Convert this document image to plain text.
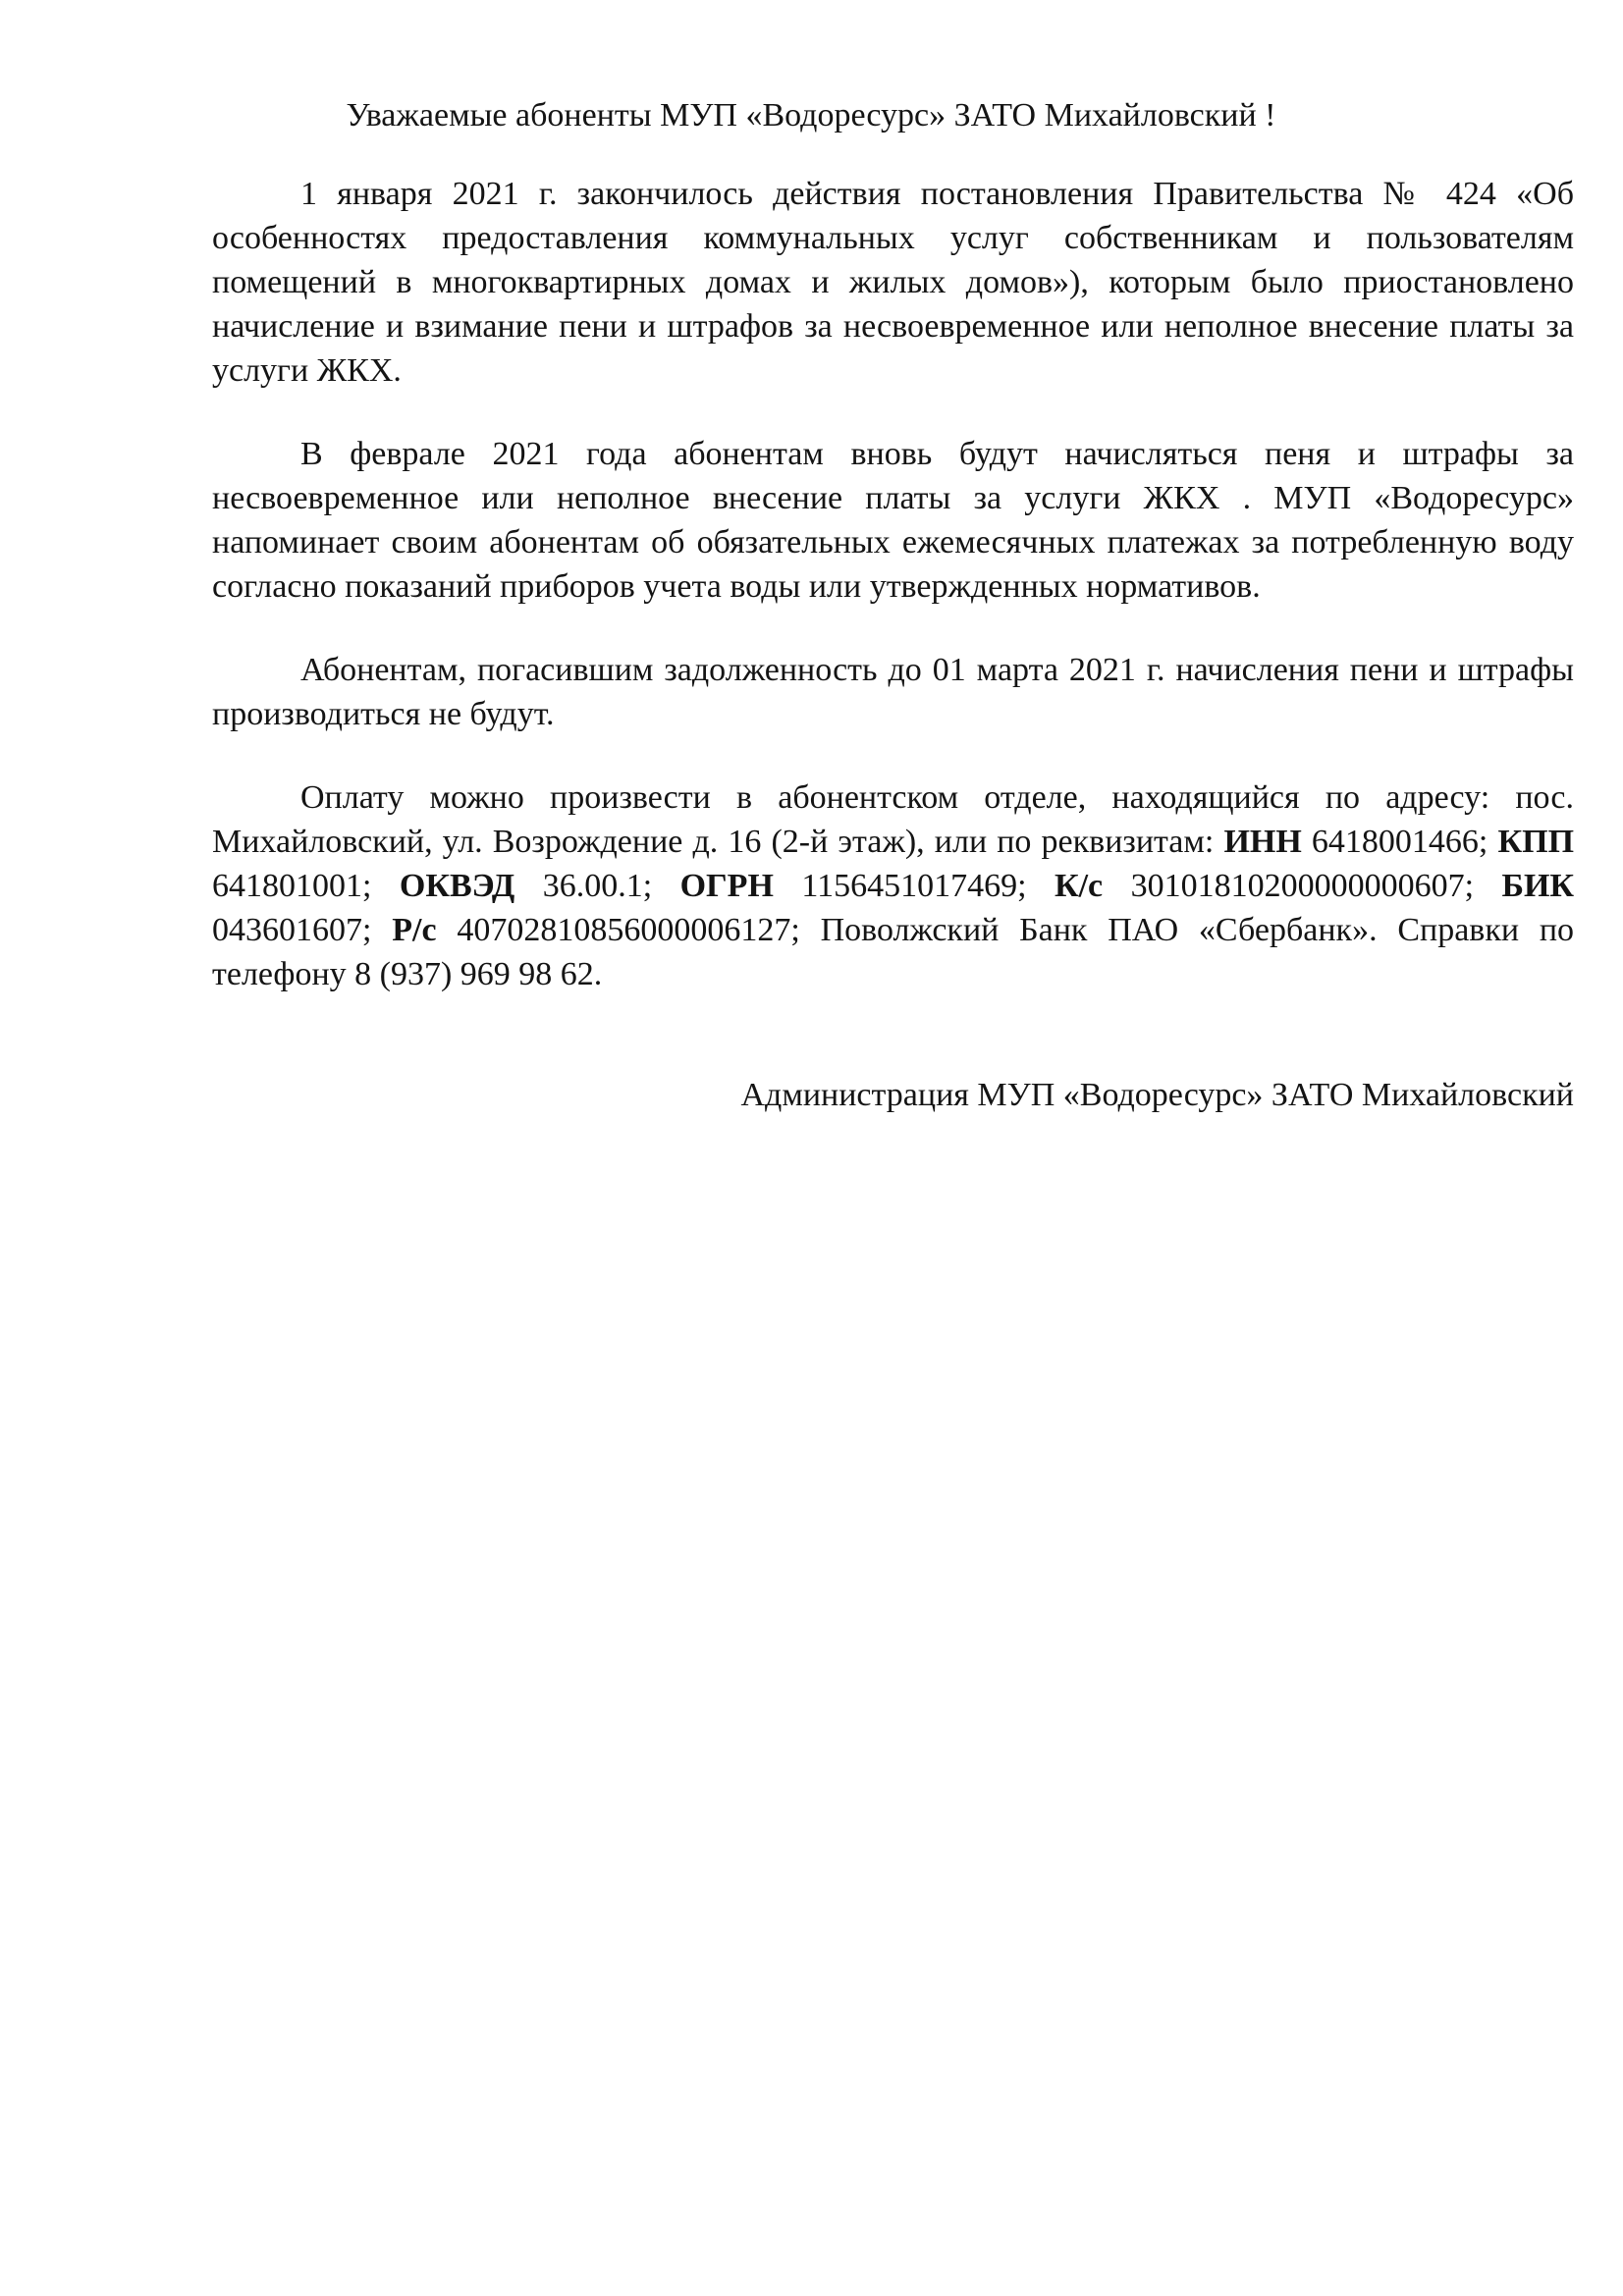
Уважаемые абоненты МУП «Водоресурс» ЗАТО Михайловский !

1 января 2021 г. закончилось действия постановления Правительства № 424 «Об особенностях предоставления коммунальных услуг собственникам и пользователям помещений в многоквартирных домах и жилых домов»), которым было приостановлено начисление и взимание пени и штрафов за несвоевременное или неполное внесение платы за услуги ЖКХ.

В феврале 2021 года абонентам вновь будут начисляться пеня и штрафы за несвоевременное или неполное внесение платы за услуги ЖКХ . МУП «Водоресурс» напоминает своим абонентам об обязательных ежемесячных платежах за потребленную воду согласно показаний приборов учета воды или утвержденных нормативов.

Абонентам, погасившим задолженность до 01 марта 2021 г. начисления пени и штрафы производиться не будут.

Оплату можно произвести в абонентском отделе, находящийся по адресу: пос. Михайловский, ул. Возрождение д. 16 (2-й этаж), или по реквизитам: ИНН 6418001466; КПП 641801001; ОКВЭД 36.00.1; ОГРН 1156451017469; К/с 30101810200000000607; БИК 043601607; Р/с 40702810856000006127; Поволжский Банк ПАО «Сбербанк». Справки по телефону 8 (937) 969 98 62.

Администрация МУП «Водоресурс» ЗАТО Михайловский
